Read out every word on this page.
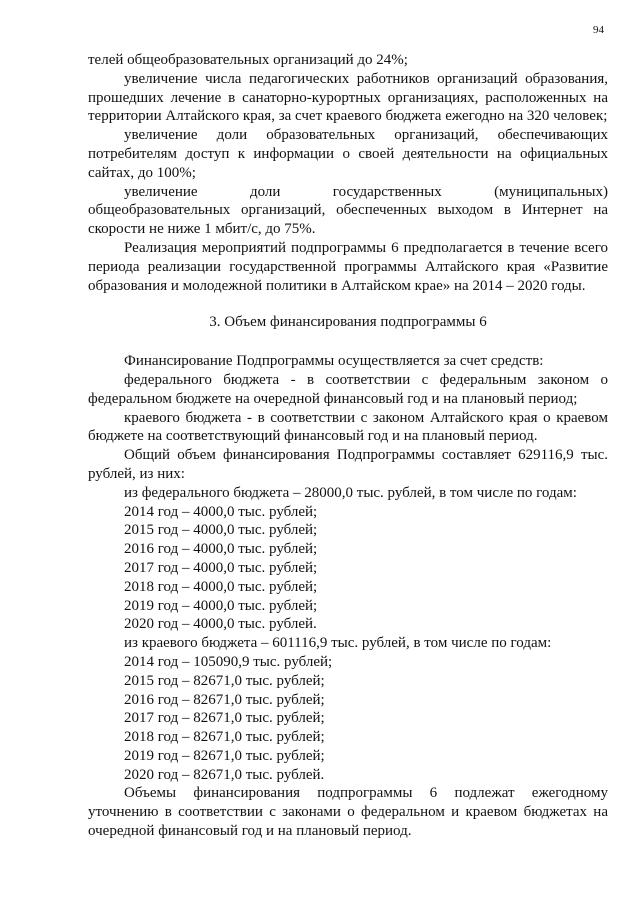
94

телей общеобразовательных организаций до 24%;

увеличение числа педагогических работников организаций образования, прошедших лечение в санаторно-курортных организациях, расположенных на территории Алтайского края, за счет краевого бюджета ежегодно на 320 человек;

увеличение доли образовательных организаций, обеспечивающих потребителям доступ к информации о своей деятельности на официальных сайтах, до 100%;

увеличение доли государственных (муниципальных) общеобразовательных организаций, обеспеченных выходом в Интернет на скорости не ниже 1 мбит/с, до 75%.

Реализация мероприятий подпрограммы 6 предполагается в течение всего периода реализации государственной программы Алтайского края «Развитие образования и молодежной политики в Алтайском крае» на 2014 – 2020 годы.

3. Объем финансирования подпрограммы 6

Финансирование Подпрограммы осуществляется за счет средств:

федерального бюджета - в соответствии с федеральным законом о федеральном бюджете на очередной финансовый год и на плановый период;

краевого бюджета - в соответствии с законом Алтайского края о краевом бюджете на соответствующий финансовый год и на плановый период.

Общий объем финансирования Подпрограммы составляет 629116,9 тыс. рублей, из них:

из федерального бюджета – 28000,0 тыс. рублей, в том числе по годам:

2014 год – 4000,0 тыс. рублей;

2015 год – 4000,0 тыс. рублей;

2016 год – 4000,0 тыс. рублей;

2017 год – 4000,0 тыс. рублей;

2018 год – 4000,0 тыс. рублей;

2019 год – 4000,0 тыс. рублей;

2020 год – 4000,0 тыс. рублей.

из краевого бюджета – 601116,9 тыс. рублей, в том числе по годам:

2014 год – 105090,9 тыс. рублей;

2015 год – 82671,0 тыс. рублей;

2016 год – 82671,0 тыс. рублей;

2017 год – 82671,0 тыс. рублей;

2018 год – 82671,0 тыс. рублей;

2019 год – 82671,0 тыс. рублей;

2020 год – 82671,0 тыс. рублей.

Объемы финансирования подпрограммы 6 подлежат ежегодному уточнению в соответствии с законами о федеральном и краевом бюджетах на очередной финансовый год и на плановый период.
